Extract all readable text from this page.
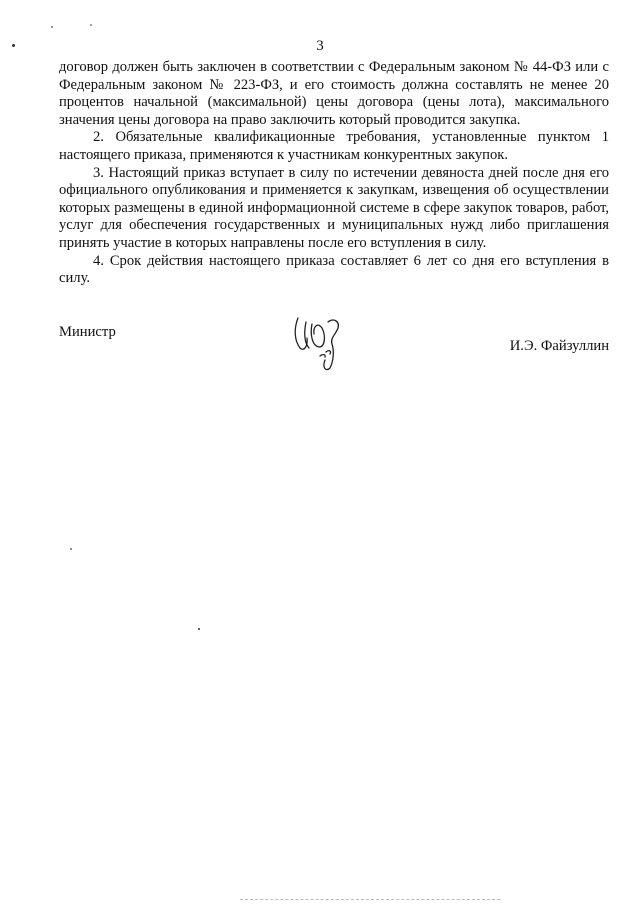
3

договор должен быть заключен в соответствии с Федеральным законом № 44-ФЗ или с Федеральным законом № 223-ФЗ, и его стоимость должна составлять не менее 20 процентов начальной (максимальной) цены договора (цены лота), максимального значения цены договора на право заключить который проводится закупка.

2. Обязательные квалификационные требования, установленные пунктом 1 настоящего приказа, применяются к участникам конкурентных закупок.

3. Настоящий приказ вступает в силу по истечении девяноста дней после дня его официального опубликования и применяется к закупкам, извещения об осуществлении которых размещены в единой информационной системе в сфере закупок товаров, работ, услуг для обеспечения государственных и муниципальных нужд либо приглашения принять участие в которых направлены после его вступления в силу.

4. Срок действия настоящего приказа составляет 6 лет со дня его вступления в силу.

Министр
И.Э. Файзуллин
